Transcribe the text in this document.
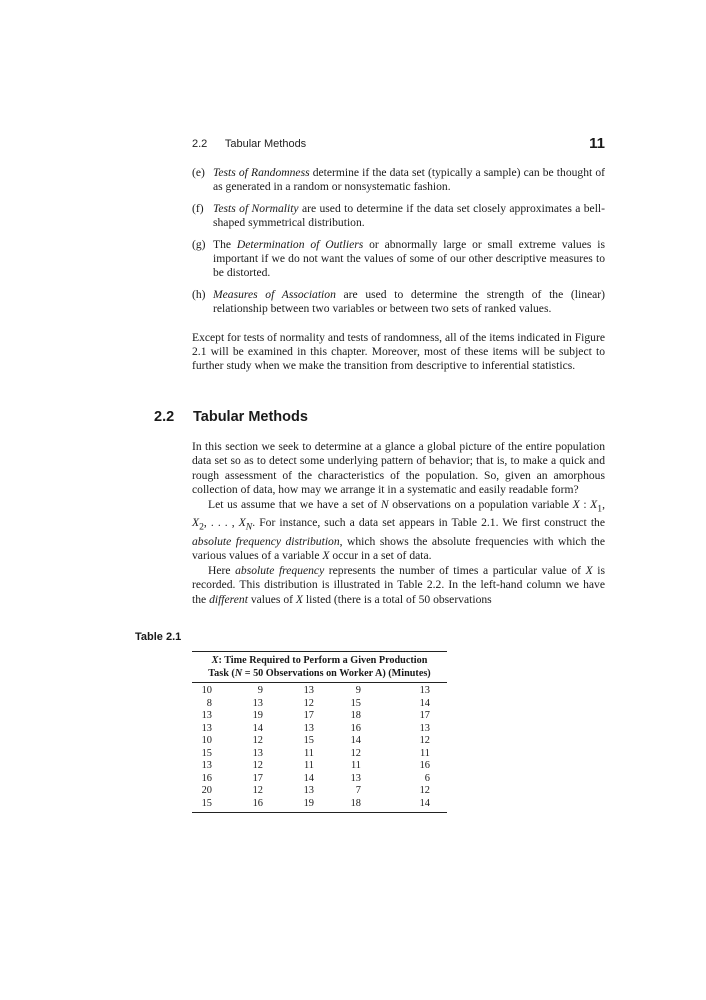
2.2 Tabular Methods	11
(e) Tests of Randomness determine if the data set (typically a sample) can be thought of as generated in a random or nonsystematic fashion.
(f) Tests of Normality are used to determine if the data set closely approximates a bell-shaped symmetrical distribution.
(g) The Determination of Outliers or abnormally large or small extreme values is important if we do not want the values of some of our other descriptive measures to be distorted.
(h) Measures of Association are used to determine the strength of the (linear) relationship between two variables or between two sets of ranked values.

Except for tests of normality and tests of randomness, all of the items indicated in Figure 2.1 will be examined in this chapter. Moreover, most of these items will be subject to further study when we make the transition from descriptive to inferential statistics.

2.2 Tabular Methods

In this section we seek to determine at a glance a global picture of the entire population data set so as to detect some underlying pattern of behavior; that is, to make a quick and rough assessment of the characteristics of the population. So, given an amorphous collection of data, how may we arrange it in a systematic and easily readable form?

Let us assume that we have a set of N observations on a population variable X : $X_1$, $X_2$, . . . , $X_N$. For instance, such a data set appears in Table 2.1. We first construct the absolute frequency distribution, which shows the absolute frequencies with which the various values of a variable X occur in a set of data.

Here absolute frequency represents the number of times a particular value of X is recorded. This distribution is illustrated in Table 2.2. In the left-hand column we have the different values of X listed (there is a total of 50 observations

Table 2.1
X: Time Required to Perform a Given Production
Task (N = 50 Observations on Worker A) (Minutes)
10	9	13	9	13	
8	13	12	15	14	
13	19	17	18	17	
13	14	13	16	13	
10	12	15	14	12	
15	13	11	12	11	
13	12	11	11	16	
16	17	14	13	6	
20	12	13	7	12	
15	16	19	18	14	
